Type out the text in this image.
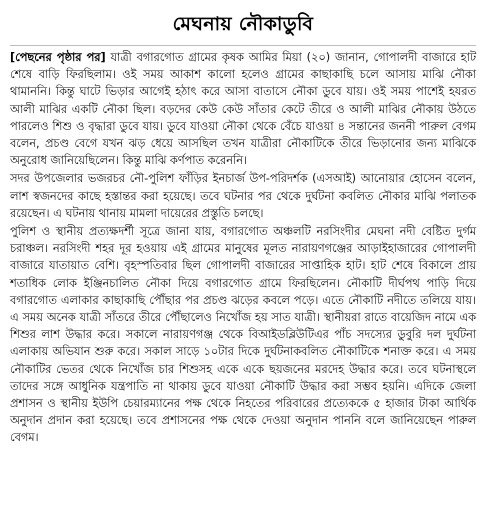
মেঘনায় নৌকাডুবি

[পেছনের পৃষ্ঠার পর] যাত্রী বগারগোত গ্রামের কৃষক আমির মিয়া (২০) জানান, গোপালদী বাজারে হাট শেষে বাড়ি ফিরছিলাম। ওই সময় আকাশ কালো হলেও গ্রামের কাছাকাছি চলে আসায় মাঝি নৌকা থামাননি। কিন্তু ঘাটে ভিড়ার আগেই হঠাৎ করে আসা বাতাসে নৌকা ডুবে যায়। ওই সময় পাশেই হযরত আলী মাঝির একটি নৌকা ছিল। বড়দের কেউ কেউ সাঁতার কেটে তীরে ও আলী মাঝির নৌকায় উঠতে পারলেও শিশু ও বৃদ্ধারা ডুবে যায়। ডুবে যাওয়া নৌকা থেকে বেঁচে যাওয়া ৪ সন্তানের জননী পারুল বেগম বলেন, প্রচণ্ড বেগে যখন ঝড় ধেয়ে আসছিল তখন যাত্রীরা নৌকাটিকে তীরে ভিড়ানোর জন্য মাঝিকে অনুরোধ জানিয়েছিলেন। কিন্তু মাঝি কর্ণপাত করেননি।

সদর উপজেলার ভজরচর নৌ-পুলিশ ফাঁড়ির ইনচার্জ উপ-পরিদর্শক (এসআই) আনোয়ার হোসেন বলেন, লাশ স্বজনদের কাছে হস্তান্তর করা হয়েছে। তবে ঘটনার পর থেকে দুর্ঘটনা কবলিত নৌকার মাঝি পলাতক রয়েছেন। এ ঘটনায় থানায় মামলা দায়েরের প্রস্তুতি চলছে।

পুলিশ ও স্থানীয় প্রত্যক্ষদর্শী সূত্রে জানা যায়, বগারগোত অঞ্চলটি নরসিংদীর মেঘনা নদী বেষ্টিত দুর্গম চরাঞ্চল। নরসিংদী শহর দূর হওয়ায় এই গ্রামের মানুষের মূলত নারায়ণগঞ্জের আড়াইহাজারের গোপালদী বাজারে যাতায়াত বেশি। বৃহস্পতিবার ছিল গোপালদী বাজারের সাপ্তাহিক হাট। হাট শেষে বিকালে প্রায় শতাধিক লোক ইঞ্জিনচালিত নৌকা দিয়ে বগারগোত গ্রামে ফিরছিলেন। নৌকাটি দীর্ঘপথ পাড়ি দিয়ে বগারগোত এলাকার কাছাকাছি পৌঁছার পর প্রচণ্ড ঝড়ের কবলে পড়ে। এতে নৌকাটি নদীতে তলিয়ে যায়। এ সময় অনেক যাত্রী সাঁতরে তীরে পৌঁছালেও নিখোঁজ হয় সাত যাত্রী। স্থানীয়রা রাতে বায়েজিদ নামে এক শিশুর লাশ উদ্ধার করে। সকালে নারায়ণগঞ্জ থেকে বিআইডব্লিউটিএর পাঁচ সদস্যের ডুবুরি দল দুর্ঘটনা এলাকায় অভিযান শুরু করে। সকাল সাড়ে ১০টার দিকে দুর্ঘটনাকবলিত নৌকাটিকে শনাক্ত করে। এ সময় নৌকাটির ভেতর থেকে নিখোঁজ চার শিশুসহ একে একে ছয়জনের মরদেহ উদ্ধার করে। তবে ঘটনাস্থলে তাদের সঙ্গে আধুনিক যন্ত্রপাতি না থাকায় ডুবে যাওয়া নৌকাটি উদ্ধার করা সম্ভব হয়নি। এদিকে জেলা প্রশাসন ও স্থানীয় ইউপি চেয়ারম্যানের পক্ষ থেকে নিহতের পরিবারের প্রত্যেককে ৫ হাজার টাকা আর্থিক অনুদান প্রদান করা হয়েছে। তবে প্রশাসনের পক্ষ থেকে দেওয়া অনুদান পাননি বলে জানিয়েছেন পারুল বেগম।
